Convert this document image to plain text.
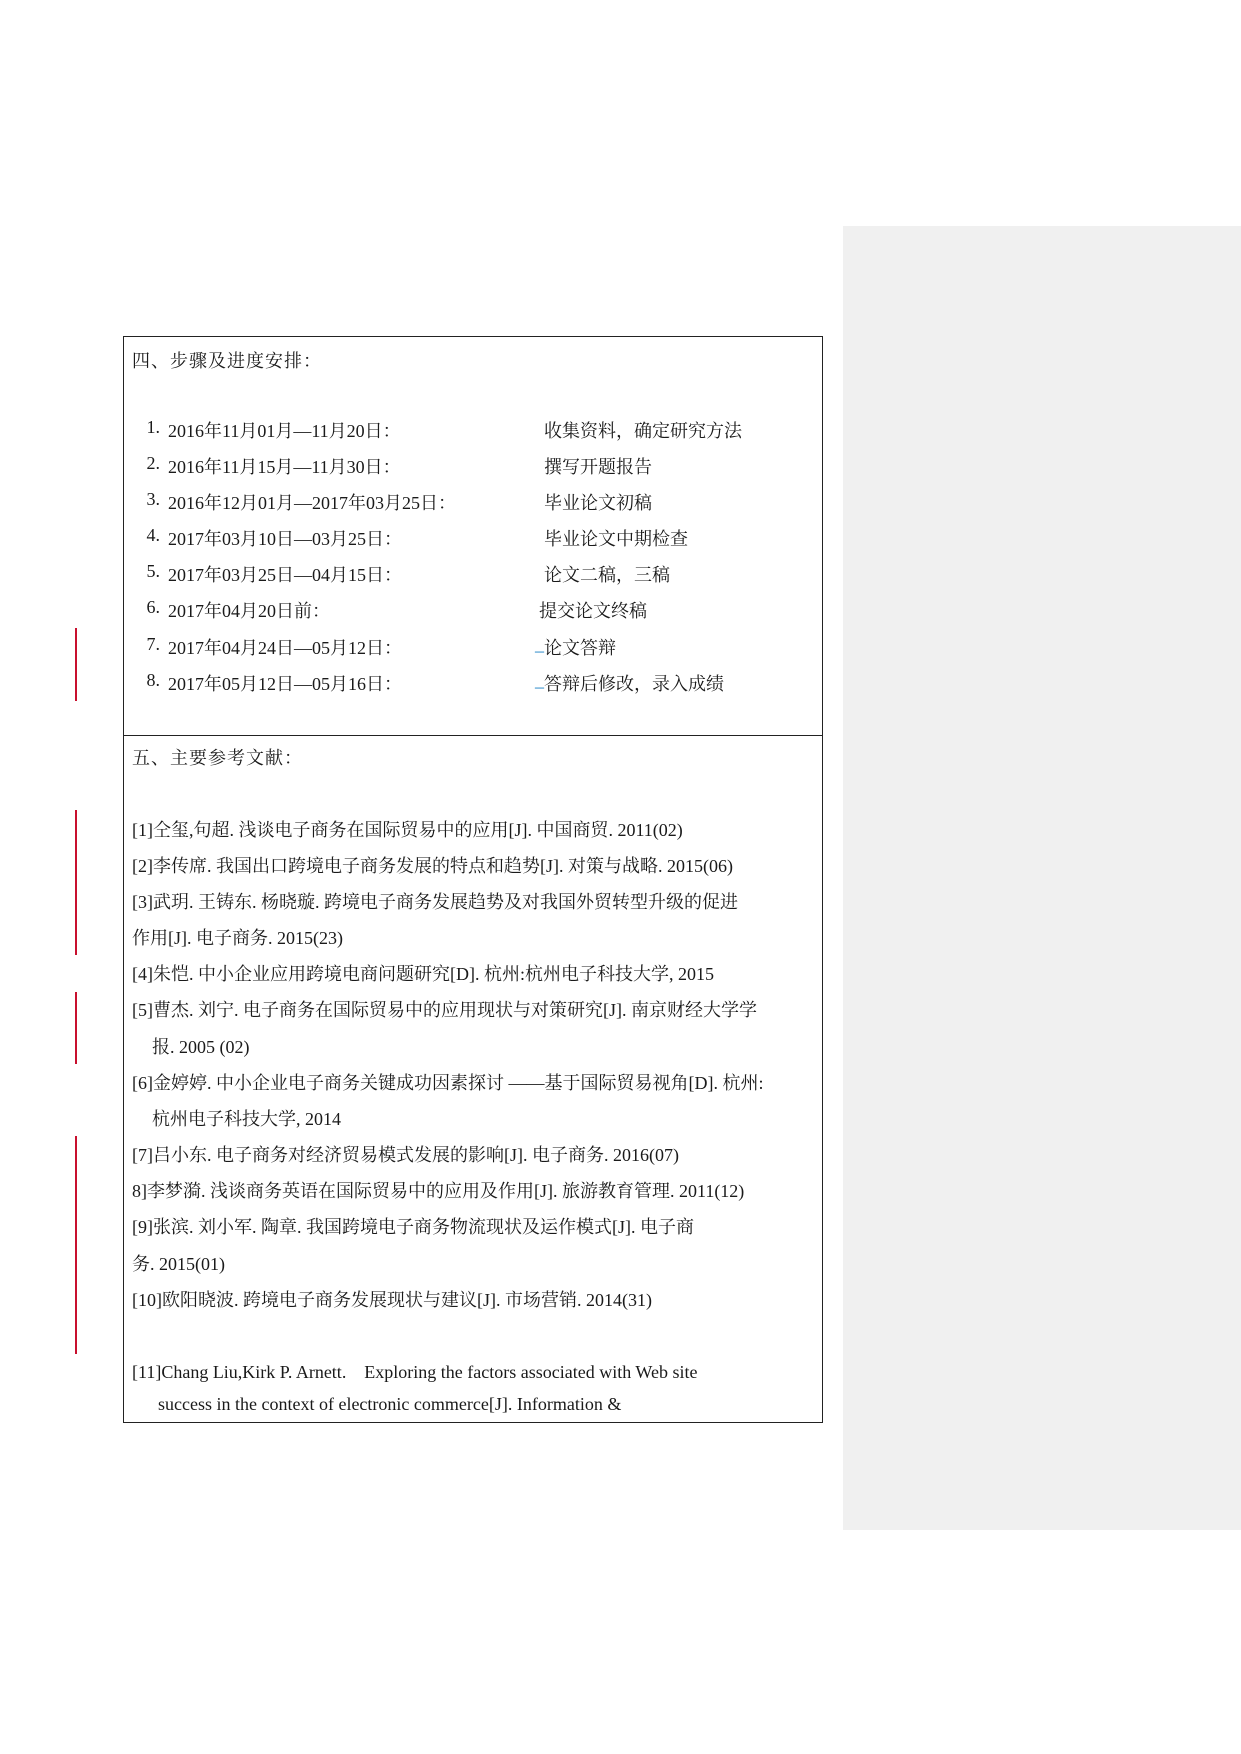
四、步骤及进度安排：
1. 2016年11月01月—11月20日：	收集资料，确定研究方法
2. 2016年11月15月—11月30日：	撰写开题报告
3. 2016年12月01月—2017年03月25日：	毕业论文初稿
4. 2017年03月10日—03月25日：	毕业论文中期检查
5. 2017年03月25日—04月15日：	论文二稿，三稿
6. 2017年04月20日前：	提交论文终稿
7. 2017年04月24日—05月12日：	_ 论文答辩
8. 2017年05月12日—05月16日：	_ 答辩后修改，录入成绩
五、主要参考文献：
[1]仝玺,句超. 浅谈电子商务在国际贸易中的应用[J]. 中国商贸. 2011(02)
[2]李传席. 我国出口跨境电子商务发展的特点和趋势[J]. 对策与战略. 2015(06)
[3]武玥. 王铸东. 杨晓璇. 跨境电子商务发展趋势及对我国外贸转型升级的促进
作用[J]. 电子商务. 2015(23)
[4]朱恺. 中小企业应用跨境电商问题研究[D]. 杭州:杭州电子科技大学, 2015
[5]曹杰. 刘宁. 电子商务在国际贸易中的应用现状与对策研究[J]. 南京财经大学学
报. 2005 (02)
[6]金婷婷. 中小企业电子商务关键成功因素探讨 ——基于国际贸易视角[D]. 杭州:
杭州电子科技大学, 2014
[7]吕小东. 电子商务对经济贸易模式发展的影响[J]. 电子商务. 2016(07)
8]李梦漪. 浅谈商务英语在国际贸易中的应用及作用[J]. 旅游教育管理. 2011(12)
[9]张滨. 刘小军. 陶章. 我国跨境电子商务物流现状及运作模式[J]. 电子商
务. 2015(01)
[10]欧阳晓波. 跨境电子商务发展现状与建议[J]. 市场营销. 2014(31)
[11]Chang Liu,Kirk P. Arnett.　Exploring the factors associated with Web site
success in the context of electronic commerce[J]. Information &
